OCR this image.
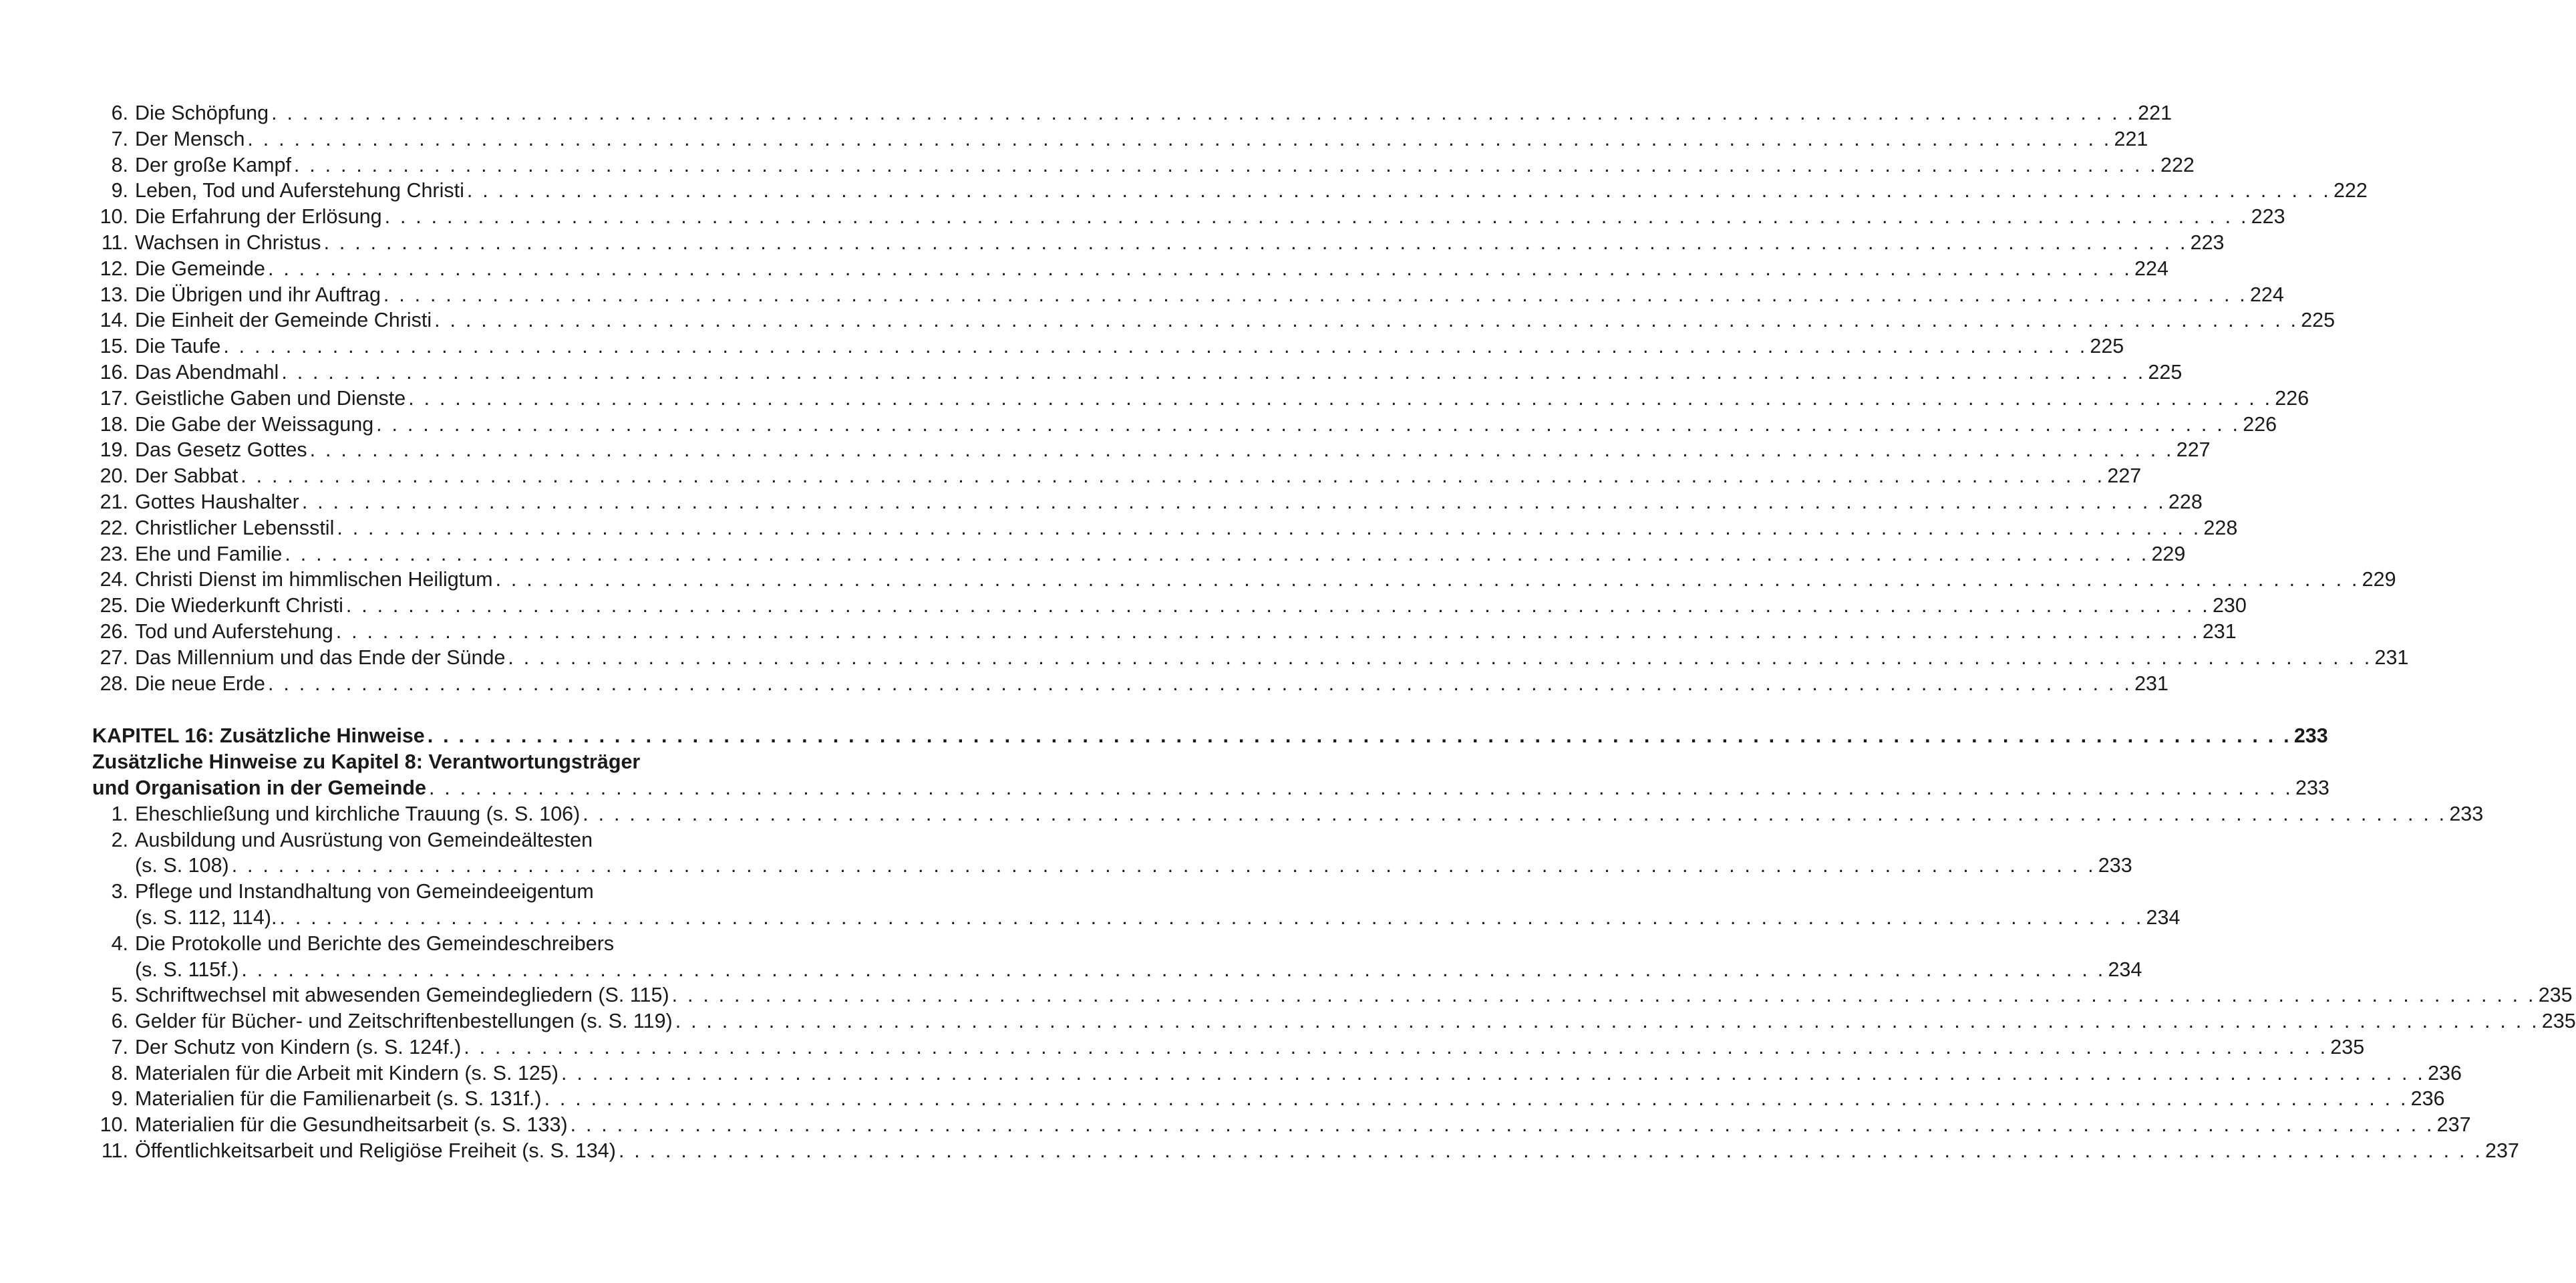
6. Die Schöpfung . . . . . . . . . . . . . . . . . . . . . . . . . . . . . . . . . . . . . . . . . . . . . . . . . . . . . . . . . . . . . . . . . . . . . . . . . . . . . . . . . . . . . . . . . . . . . . . . . . . . . . . . . . . . . . . . . . . . . . . . 221
7. Der Mensch . . . . . . . . . . . . . . . . . . . . . . . . . . . . . . . . . . . . . . . . . . . . . . . . . . . . . . . . . . . . . . . . . . . . . . . . . . . . . . . . . . . . . . . . . . . . . . . . . . . . . . . . . . . . . . . . . . . . . . . . 221
8. Der große Kampf . . . . . . . . . . . . . . . . . . . . . . . . . . . . . . . . . . . . . . . . . . . . . . . . . . . . . . . . . . . . . . . . . . . . . . . . . . . . . . . . . . . . . . . . . . . . . . . . . . . . . . . . . . . . . . . . . . . . . . . . 222
9. Leben, Tod und Auferstehung Christi . . . . . . . . . . . . . . . . . . . . . . . . . . . . . . . . . . . . . . . . . . . . . . . . . . . . . . . . . . . . . . . . . . . . . . . . . . . . . . . . . . . . . . . . . . . . . . . . . . . . . . . . . . . . . . . . . . . . . . . . 222
10. Die Erfahrung der Erlösung . . . . . . . . . . . . . . . . . . . . . . . . . . . . . . . . . . . . . . . . . . . . . . . . . . . . . . . . . . . . . . . . . . . . . . . . . . . . . . . . . . . . . . . . . . . . . . . . . . . . . . . . . . . . . . . . . . . . . . . . 223
11. Wachsen in Christus . . . . . . . . . . . . . . . . . . . . . . . . . . . . . . . . . . . . . . . . . . . . . . . . . . . . . . . . . . . . . . . . . . . . . . . . . . . . . . . . . . . . . . . . . . . . . . . . . . . . . . . . . . . . . . . . . . . . . . . . 223
12. Die Gemeinde . . . . . . . . . . . . . . . . . . . . . . . . . . . . . . . . . . . . . . . . . . . . . . . . . . . . . . . . . . . . . . . . . . . . . . . . . . . . . . . . . . . . . . . . . . . . . . . . . . . . . . . . . . . . . . . . . . . . . . . . 224
13. Die Übrigen und ihr Auftrag . . . . . . . . . . . . . . . . . . . . . . . . . . . . . . . . . . . . . . . . . . . . . . . . . . . . . . . . . . . . . . . . . . . . . . . . . . . . . . . . . . . . . . . . . . . . . . . . . . . . . . . . . . . . . . . . . . . . . . . . 224
14. Die Einheit der Gemeinde Christi . . . . . . . . . . . . . . . . . . . . . . . . . . . . . . . . . . . . . . . . . . . . . . . . . . . . . . . . . . . . . . . . . . . . . . . . . . . . . . . . . . . . . . . . . . . . . . . . . . . . . . . . . . . . . . . . . . . . . . . . 225
15. Die Taufe . . . . . . . . . . . . . . . . . . . . . . . . . . . . . . . . . . . . . . . . . . . . . . . . . . . . . . . . . . . . . . . . . . . . . . . . . . . . . . . . . . . . . . . . . . . . . . . . . . . . . . . . . . . . . . . . . . . . . . . . 225
16. Das Abendmahl . . . . . . . . . . . . . . . . . . . . . . . . . . . . . . . . . . . . . . . . . . . . . . . . . . . . . . . . . . . . . . . . . . . . . . . . . . . . . . . . . . . . . . . . . . . . . . . . . . . . . . . . . . . . . . . . . . . . . . . . 225
17. Geistliche Gaben und Dienste . . . . . . . . . . . . . . . . . . . . . . . . . . . . . . . . . . . . . . . . . . . . . . . . . . . . . . . . . . . . . . . . . . . . . . . . . . . . . . . . . . . . . . . . . . . . . . . . . . . . . . . . . . . . . . . . . . . . . . . . 226
18. Die Gabe der Weissagung . . . . . . . . . . . . . . . . . . . . . . . . . . . . . . . . . . . . . . . . . . . . . . . . . . . . . . . . . . . . . . . . . . . . . . . . . . . . . . . . . . . . . . . . . . . . . . . . . . . . . . . . . . . . . . . . . . . . . . . . 226
19. Das Gesetz Gottes . . . . . . . . . . . . . . . . . . . . . . . . . . . . . . . . . . . . . . . . . . . . . . . . . . . . . . . . . . . . . . . . . . . . . . . . . . . . . . . . . . . . . . . . . . . . . . . . . . . . . . . . . . . . . . . . . . . . . . . . 227
20. Der Sabbat . . . . . . . . . . . . . . . . . . . . . . . . . . . . . . . . . . . . . . . . . . . . . . . . . . . . . . . . . . . . . . . . . . . . . . . . . . . . . . . . . . . . . . . . . . . . . . . . . . . . . . . . . . . . . . . . . . . . . . . . 227
21. Gottes Haushalter . . . . . . . . . . . . . . . . . . . . . . . . . . . . . . . . . . . . . . . . . . . . . . . . . . . . . . . . . . . . . . . . . . . . . . . . . . . . . . . . . . . . . . . . . . . . . . . . . . . . . . . . . . . . . . . . . . . . . . . . 228
22. Christlicher Lebensstil . . . . . . . . . . . . . . . . . . . . . . . . . . . . . . . . . . . . . . . . . . . . . . . . . . . . . . . . . . . . . . . . . . . . . . . . . . . . . . . . . . . . . . . . . . . . . . . . . . . . . . . . . . . . . . . . . . . . . . . . 228
23. Ehe und Familie . . . . . . . . . . . . . . . . . . . . . . . . . . . . . . . . . . . . . . . . . . . . . . . . . . . . . . . . . . . . . . . . . . . . . . . . . . . . . . . . . . . . . . . . . . . . . . . . . . . . . . . . . . . . . . . . . . . . . . . . 229
24. Christi Dienst im himmlischen Heiligtum . . . . . . . . . . . . . . . . . . . . . . . . . . . . . . . . . . . . . . . . . . . . . . . . . . . . . . . . . . . . . . . . . . . . . . . . . . . . . . . . . . . . . . . . . . . . . . . . . . . . . . . . . . . . . . . . . . . . . . . . 229
25. Die Wiederkunft Christi . . . . . . . . . . . . . . . . . . . . . . . . . . . . . . . . . . . . . . . . . . . . . . . . . . . . . . . . . . . . . . . . . . . . . . . . . . . . . . . . . . . . . . . . . . . . . . . . . . . . . . . . . . . . . . . . . . . . . . . . 230
26. Tod und Auferstehung . . . . . . . . . . . . . . . . . . . . . . . . . . . . . . . . . . . . . . . . . . . . . . . . . . . . . . . . . . . . . . . . . . . . . . . . . . . . . . . . . . . . . . . . . . . . . . . . . . . . . . . . . . . . . . . . . . . . . . . . 231
27. Das Millennium und das Ende der Sünde . . . . . . . . . . . . . . . . . . . . . . . . . . . . . . . . . . . . . . . . . . . . . . . . . . . . . . . . . . . . . . . . . . . . . . . . . . . . . . . . . . . . . . . . . . . . . . . . . . . . . . . . . . . . . . . . . . . . . . . . 231
28. Die neue Erde . . . . . . . . . . . . . . . . . . . . . . . . . . . . . . . . . . . . . . . . . . . . . . . . . . . . . . . . . . . . . . . . . . . . . . . . . . . . . . . . . . . . . . . . . . . . . . . . . . . . . . . . . . . . . . . . . . . . . . . . 231
KAPITEL 16: Zusätzliche Hinweise . . . . . . . . . . . . . . . . . . . . . . . . . . . . . . . . . . . . . . . . . . . . . . . . . . . . . . . . . . . . . . . . . . . . . . . . . . . . . . . . . . . . . . . . . . . . . . . . . . . . . . . . . . . . . . . . . . . . . . . . 233
Zusätzliche Hinweise zu Kapitel 8: Verantwortungsträger
und Organisation in der Gemeinde . . . . . . . . . . . . . . . . . . . . . . . . . . . . . . . . . . . . . . . . . . . . . . . . . . . . . . . . . . . . . . . . . . . . . . . . . . . . . . . . . . . . . . . . . . . . . . . . . . . . . . . . . . . . . . . . . . . . . . . . 233
1. Eheschließung und kirchliche Trauung (s. S. 106) . . . . . . . . . . . . . . . . . . . . . . . . . . . . . . . . . . . . . . . . . . . . . . . . . . . . . . . . . . . . . . . . . . . . . . . . . . . . . . . . . . . . . . . . . . . . . . . . . . . . . . . . . . . . . . . . . . . . . . . . 233
2. Ausbildung und Ausrüstung von Gemeindeältesten
(s. S. 108) . . . . . . . . . . . . . . . . . . . . . . . . . . . . . . . . . . . . . . . . . . . . . . . . . . . . . . . . . . . . . . . . . . . . . . . . . . . . . . . . . . . . . . . . . . . . . . . . . . . . . . . . . . . . . . . . . . . . . . . . 233
3. Pflege und Instandhaltung von Gemeindeeigentum
(s. S. 112, 114). . . . . . . . . . . . . . . . . . . . . . . . . . . . . . . . . . . . . . . . . . . . . . . . . . . . . . . . . . . . . . . . . . . . . . . . . . . . . . . . . . . . . . . . . . . . . . . . . . . . . . . . . . . . . . . . . . . . . . . . . 234
4. Die Protokolle und Berichte des Gemeindeschreibers
(s. S. 115f.) . . . . . . . . . . . . . . . . . . . . . . . . . . . . . . . . . . . . . . . . . . . . . . . . . . . . . . . . . . . . . . . . . . . . . . . . . . . . . . . . . . . . . . . . . . . . . . . . . . . . . . . . . . . . . . . . . . . . . . . . 234
5. Schriftwechsel mit abwesenden Gemeindegliedern (S. 115) . . . . . . . . . . . . . . . . . . . . . . . . . . . . . . . . . . . . . . . . . . . . . . . . . . . . . . . . . . . . . . . . . . . . . . . . . . . . . . . . . . . . . . . . . . . . . . . . . . . . . . . . . . . . . . . . . . . . . . . . 235
6. Gelder für Bücher- und Zeitschriftenbestellungen (s. S. 119) . . . . . . . . . . . . . . . . . . . . . . . . . . . . . . . . . . . . . . . . . . . . . . . . . . . . . . . . . . . . . . . . . . . . . . . . . . . . . . . . . . . . . . . . . . . . . . . . . . . . . . . . . . . . . . . . . . . . . . . . 235
7. Der Schutz von Kindern (s. S. 124f.) . . . . . . . . . . . . . . . . . . . . . . . . . . . . . . . . . . . . . . . . . . . . . . . . . . . . . . . . . . . . . . . . . . . . . . . . . . . . . . . . . . . . . . . . . . . . . . . . . . . . . . . . . . . . . . . . . . . . . . . . 235
8. Materialen für die Arbeit mit Kindern (s. S. 125) . . . . . . . . . . . . . . . . . . . . . . . . . . . . . . . . . . . . . . . . . . . . . . . . . . . . . . . . . . . . . . . . . . . . . . . . . . . . . . . . . . . . . . . . . . . . . . . . . . . . . . . . . . . . . . . . . . . . . . . . 236
9. Materialien für die Familienarbeit (s. S. 131f.) . . . . . . . . . . . . . . . . . . . . . . . . . . . . . . . . . . . . . . . . . . . . . . . . . . . . . . . . . . . . . . . . . . . . . . . . . . . . . . . . . . . . . . . . . . . . . . . . . . . . . . . . . . . . . . . . . . . . . . . . 236
10. Materialien für die Gesundheitsarbeit (s. S. 133) . . . . . . . . . . . . . . . . . . . . . . . . . . . . . . . . . . . . . . . . . . . . . . . . . . . . . . . . . . . . . . . . . . . . . . . . . . . . . . . . . . . . . . . . . . . . . . . . . . . . . . . . . . . . . . . . . . . . . . . . 237
11. Öffentlichkeitsarbeit und Religiöse Freiheit (s. S. 134) . . . . . . . . . . . . . . . . . . . . . . . . . . . . . . . . . . . . . . . . . . . . . . . . . . . . . . . . . . . . . . . . . . . . . . . . . . . . . . . . . . . . . . . . . . . . . . . . . . . . . . . . . . . . . . . . . . . . . . . . 237
